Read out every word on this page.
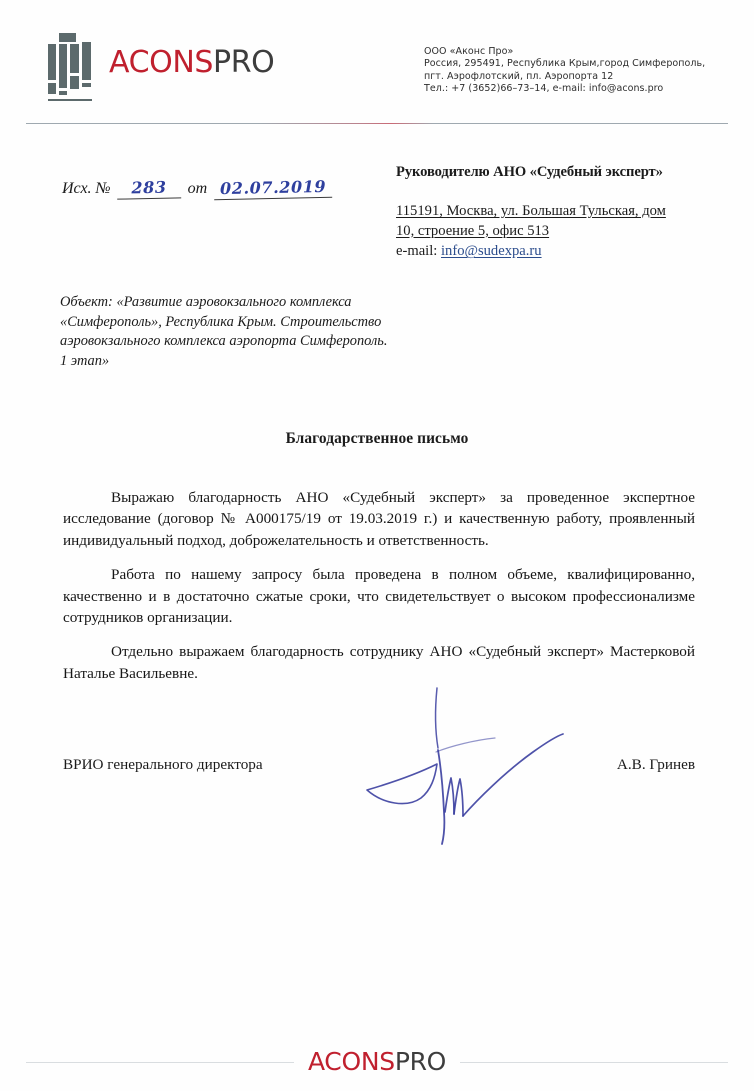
ACONSPRO	ООО «Аконс Про»
Россия, 295491, Республика Крым,город Симферополь,
пгт. Аэрофлотский, пл. Аэропорта 12
Тел.: +7 (3652)66–73–14, e-mail: info@acons.pro
Исх. №	283	от 02.07.2019
Руководителю АНО «Судебный эксперт»
115191, Москва, ул. Большая Тульская, дом
10, строение 5, офис 513
e-mail: info@sudexpa.ru
Объект: «Развитие аэровокзального комплекса «Симферополь», Республика Крым. Строительство аэровокзального комплекса аэропорта Симферополь. 1 этап»
Благодарственное письмо

Выражаю благодарность АНО «Судебный эксперт» за проведенное экспертное исследование (договор № А000175/19 от 19.03.2019 г.) и качественную работу, проявленный индивидуальный подход, доброжелательность и ответственность.

Работа по нашему запросу была проведена в полном объеме, квалифицированно, качественно и в достаточно сжатые сроки, что свидетельствует о высоком профессионализме сотрудников организации.

Отдельно выражаем благодарность сотруднику АНО «Судебный эксперт» Мастерковой Наталье Васильевне.

ВРИО генерального директора	А.В. Гринев
ACONSPRO
